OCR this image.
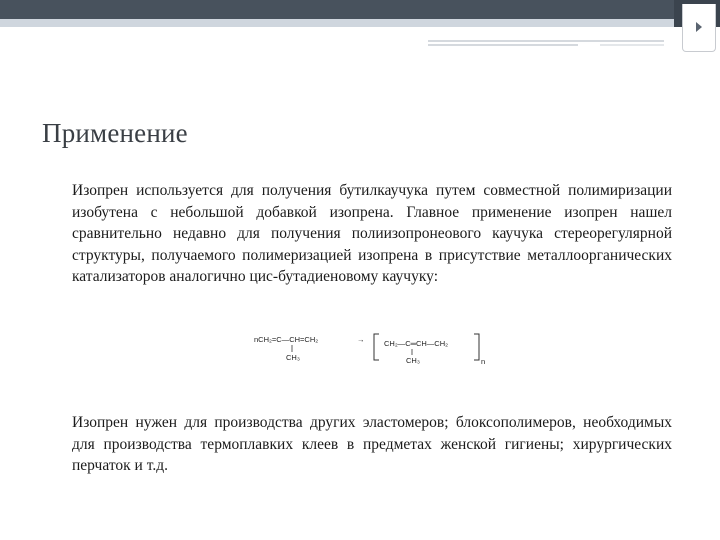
Применение

Изопрен используется для получения бутилкаучука путем совместной полимиризации изобутена с небольшой добавкой изопрена. Главное применение изопрен нашел сравнительно недавно для получения полиизопронеового каучука стереорегулярной структуры, получаемого полимеризацией изопрена в присутствие металлоорганических катализаторов аналогично цис-бутадиеновому каучуку:

nCH₂=C—CH=CH₂
CH₃
→	CH₂—C═CH—CH₂
CH₃	n

Изопрен нужен для производства других эластомеров; блоксополимеров, необходимых для производства термоплавких клеев в предметах женской гигиены; хирургических перчаток и т.д.
